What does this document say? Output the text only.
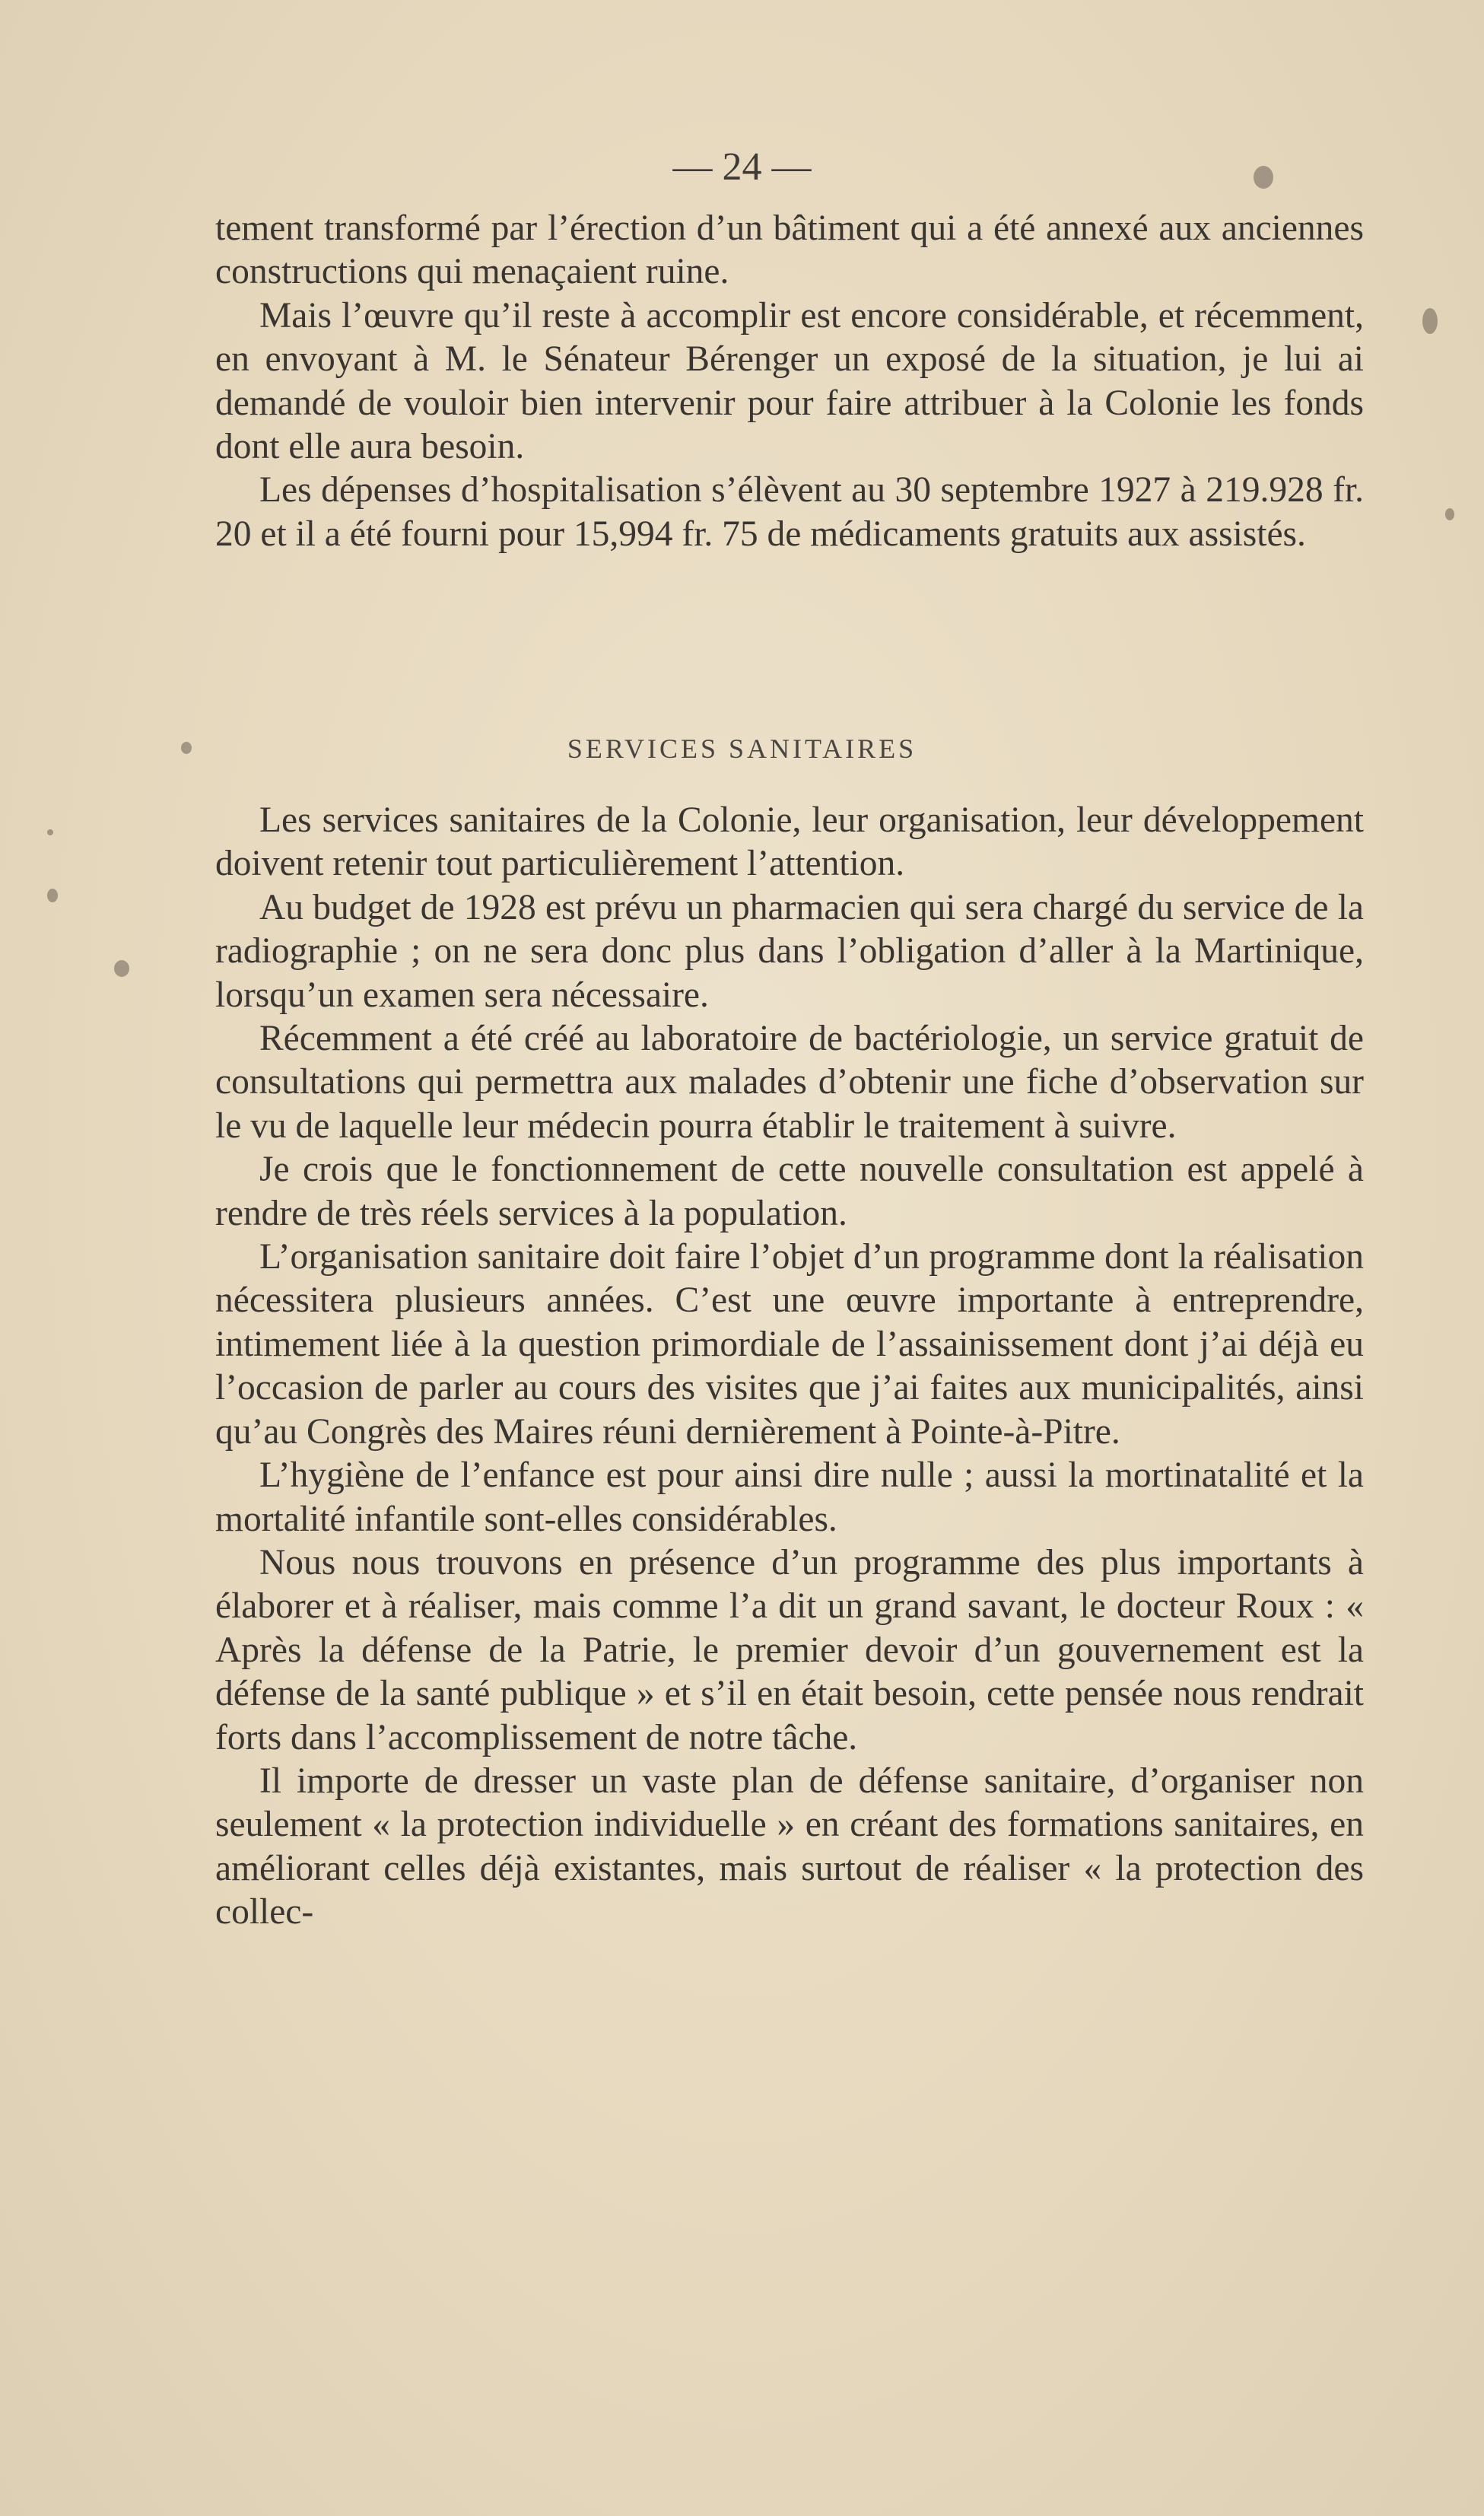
— 24 —

tement transformé par l’érection d’un bâtiment qui a été annexé aux anciennes constructions qui menaçaient ruine.

Mais l’œuvre qu’il reste à accomplir est encore considérable, et récemment, en envoyant à M. le Sénateur Bérenger un exposé de la situation, je lui ai demandé de vouloir bien intervenir pour faire attribuer à la Colonie les fonds dont elle aura besoin.

Les dépenses d’hospitalisation s’élèvent au 30 septembre 1927 à 219.928 fr. 20 et il a été fourni pour 15,994 fr. 75 de médicaments gratuits aux assistés.

SERVICES SANITAIRES

Les services sanitaires de la Colonie, leur organisation, leur développement doivent retenir tout particulièrement l’attention.

Au budget de 1928 est prévu un pharmacien qui sera chargé du service de la radiographie ; on ne sera donc plus dans l’obligation d’aller à la Martinique, lorsqu’un examen sera nécessaire.

Récemment a été créé au laboratoire de bactériologie, un service gratuit de consultations qui permettra aux malades d’obtenir une fiche d’observation sur le vu de laquelle leur médecin pourra établir le traitement à suivre.

Je crois que le fonctionnement de cette nouvelle consultation est appelé à rendre de très réels services à la population.

L’organisation sanitaire doit faire l’objet d’un programme dont la réalisation nécessitera plusieurs années. C’est une œuvre importante à entreprendre, intimement liée à la question primordiale de l’assainissement dont j’ai déjà eu l’occasion de parler au cours des visites que j’ai faites aux municipalités, ainsi qu’au Congrès des Maires réuni dernièrement à Pointe-à-Pitre.

L’hygiène de l’enfance est pour ainsi dire nulle ; aussi la mortinatalité et la mortalité infantile sont-elles considérables.

Nous nous trouvons en présence d’un programme des plus importants à élaborer et à réaliser, mais comme l’a dit un grand savant, le docteur Roux : « Après la défense de la Patrie, le premier devoir d’un gouvernement est la défense de la santé publique » et s’il en était besoin, cette pensée nous rendrait forts dans l’accomplissement de notre tâche.

Il importe de dresser un vaste plan de défense sanitaire, d’organiser non seulement « la protection individuelle » en créant des formations sanitaires, en améliorant celles déjà existantes, mais surtout de réaliser « la protection des collec-
